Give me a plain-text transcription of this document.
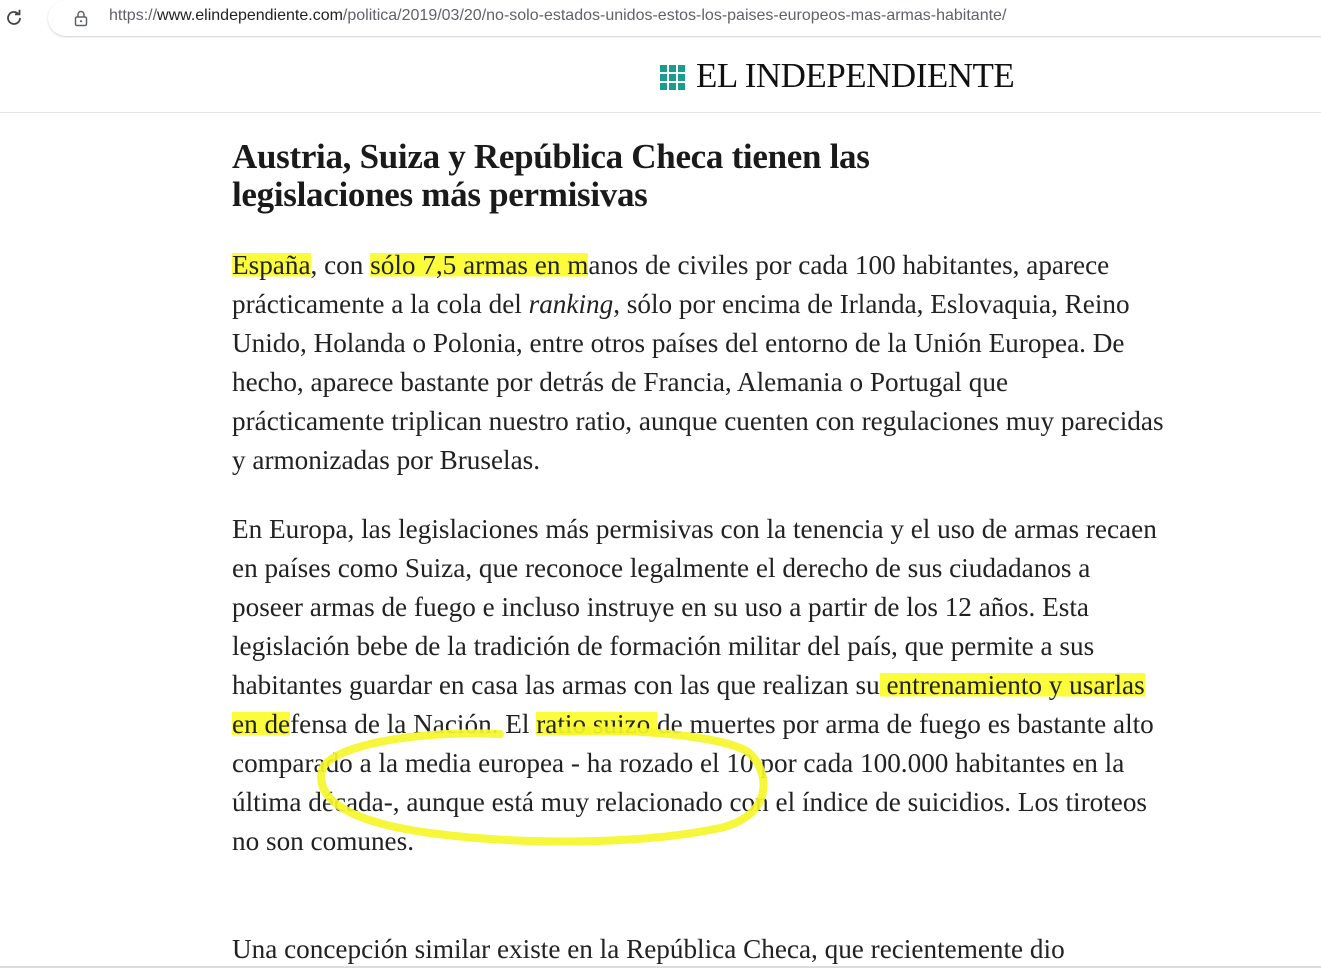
https://www.elindependiente.com/politica/2019/03/20/no-solo-estados-unidos-estos-los-paises-europeos-mas-armas-habitante/
EL INDEPENDIENTE
Austria, Suiza y República Checa tienen las legislaciones más permisivas

España, con sólo 7,5 armas en manos de civiles por cada 100 habitantes, aparece prácticamente a la cola del ranking, sólo por encima de Irlanda, Eslovaquia, Reino Unido, Holanda o Polonia, entre otros países del entorno de la Unión Europea. De hecho, aparece bastante por detrás de Francia, Alemania o Portugal que prácticamente triplican nuestro ratio, aunque cuenten con regulaciones muy parecidas y armonizadas por Bruselas.

En Europa, las legislaciones más permisivas con la tenencia y el uso de armas recaen en países como Suiza, que reconoce legalmente el derecho de sus ciudadanos a poseer armas de fuego e incluso instruye en su uso a partir de los 12 años. Esta legislación bebe de la tradición de formación militar del país, que permite a sus habitantes guardar en casa las armas con las que realizan su entrenamiento y usarlas en defensa de la Nación. El ratio suizo de muertes por arma de fuego es bastante alto comparado a la media europea - ha rozado el 10 por cada 100.000 habitantes en la última década-, aunque está muy relacionado con el índice de suicidios. Los tiroteos no son comunes.

Una concepción similar existe en la República Checa, que recientemente dio
